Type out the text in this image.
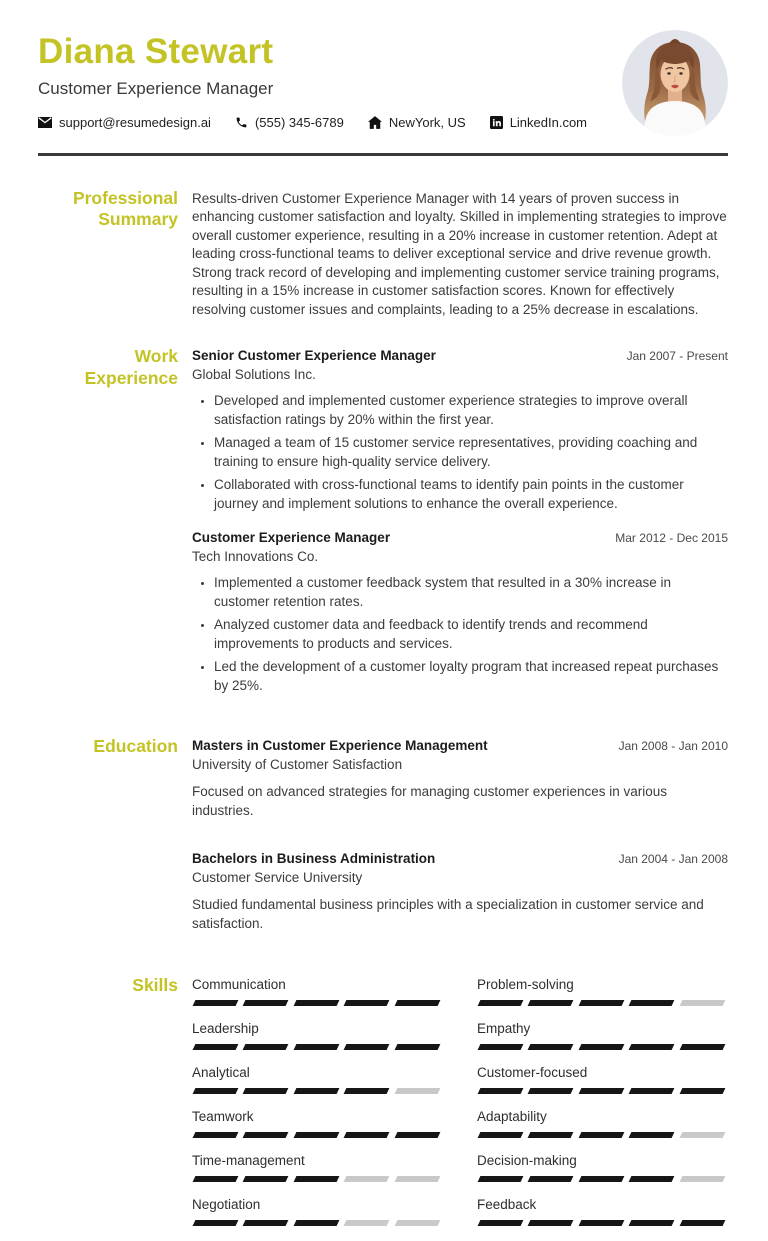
Diana Stewart
Customer Experience Manager
support@resumedesign.ai	(555) 345-6789	NewYork, US	LinkedIn.com
Professional Summary

Results-driven Customer Experience Manager with 14 years of proven success in enhancing customer satisfaction and loyalty. Skilled in implementing strategies to improve overall customer experience, resulting in a 20% increase in customer retention. Adept at leading cross-functional teams to deliver exceptional service and drive revenue growth. Strong track record of developing and implementing customer service training programs, resulting in a 15% increase in customer satisfaction scores. Known for effectively resolving customer issues and complaints, leading to a 25% decrease in escalations.

Work Experience
Senior Customer Experience Manager	Jan 2007 - Present
Global Solutions Inc.
• Developed and implemented customer experience strategies to improve overall satisfaction ratings by 20% within the first year.
• Managed a team of 15 customer service representatives, providing coaching and training to ensure high-quality service delivery.
• Collaborated with cross-functional teams to identify pain points in the customer journey and implement solutions to enhance the overall experience.
Customer Experience Manager	Mar 2012 - Dec 2015
Tech Innovations Co.
• Implemented a customer feedback system that resulted in a 30% increase in customer retention rates.
• Analyzed customer data and feedback to identify trends and recommend improvements to products and services.
• Led the development of a customer loyalty program that increased repeat purchases by 25%.
Education Masters in Customer Experience Management	Jan 2008 - Jan 2010
University of Customer Satisfaction

Focused on advanced strategies for managing customer experiences in various industries.

Bachelors in Business Administration	Jan 2004 - Jan 2008
Customer Service University

Studied fundamental business principles with a specialization in customer service and satisfaction.

Skills Communication
Leadership
Analytical
Teamwork
Time-management
Negotiation
Problem-solving
Empathy
Customer-focused
Adaptability
Decision-making
Feedback
